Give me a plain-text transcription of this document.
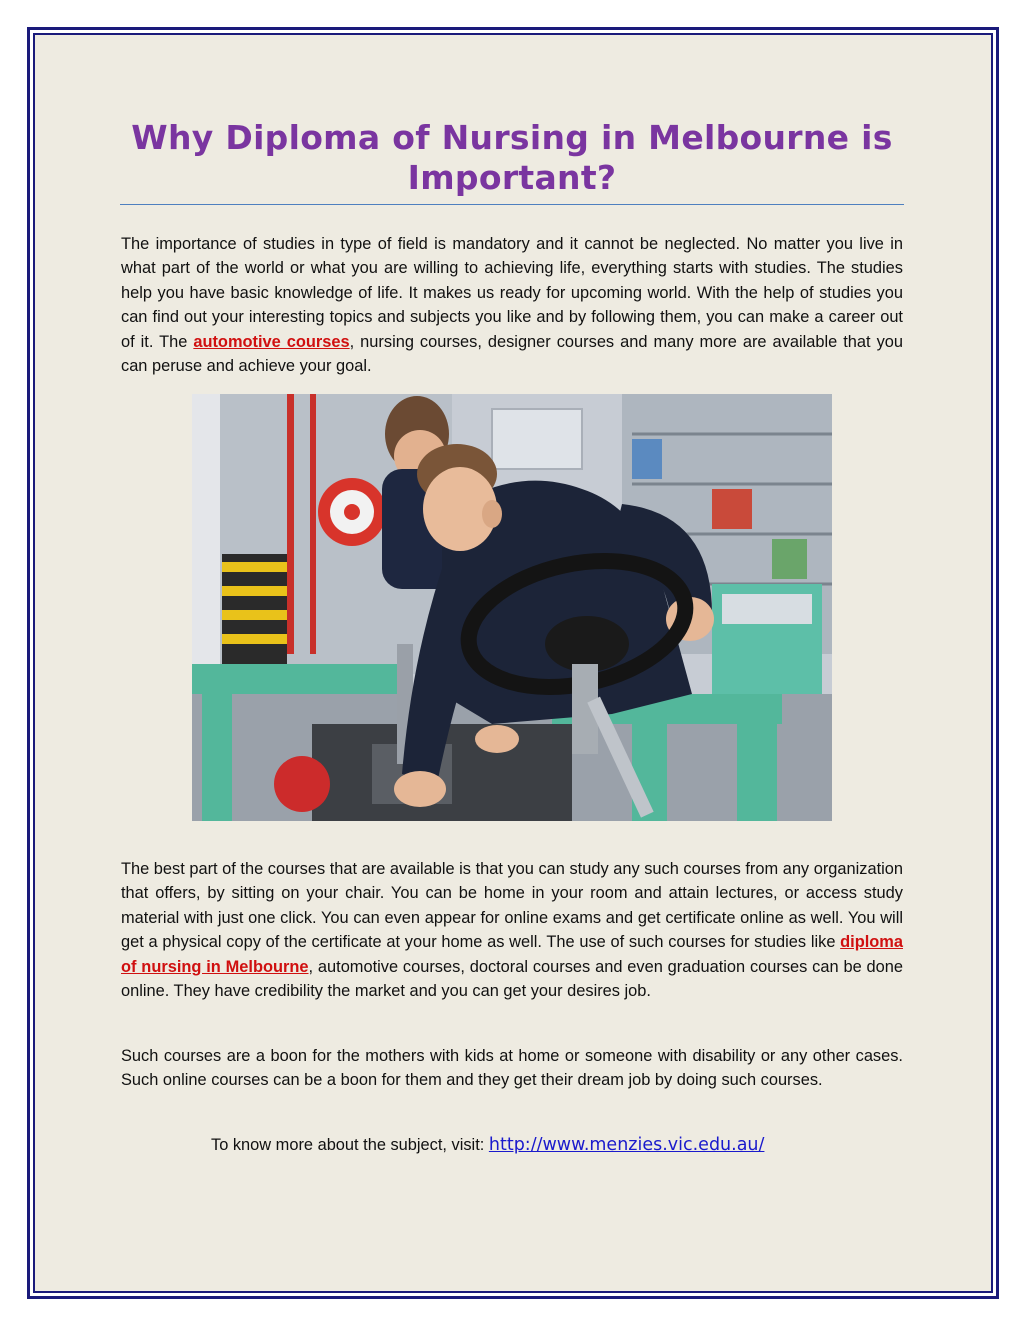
Why Diploma of Nursing in Melbourne is Important?

The importance of studies in type of field is mandatory and it cannot be neglected. No matter you live in what part of the world or what you are willing to achieving life, everything starts with studies. The studies help you have basic knowledge of life. It makes us ready for upcoming world. With the help of studies you can find out your interesting topics and subjects you like and by following them, you can make a career out of it. The automotive courses, nursing courses, designer courses and many more are available that you can peruse and achieve your goal.

The best part of the courses that are available is that you can study any such courses from any organization that offers, by sitting on your chair. You can be home in your room and attain lectures, or access study material with just one click. You can even appear for online exams and get certificate online as well. You will get a physical copy of the certificate at your home as well. The use of such courses for studies like diploma of nursing in Melbourne, automotive courses, doctoral courses and even graduation courses can be done online. They have credibility the market and you can get your desires job.

Such courses are a boon for the mothers with kids at home or someone with disability or any other cases. Such online courses can be a boon for them and they get their dream job by doing such courses.

To know more about the subject, visit: http://www.menzies.vic.edu.au/
